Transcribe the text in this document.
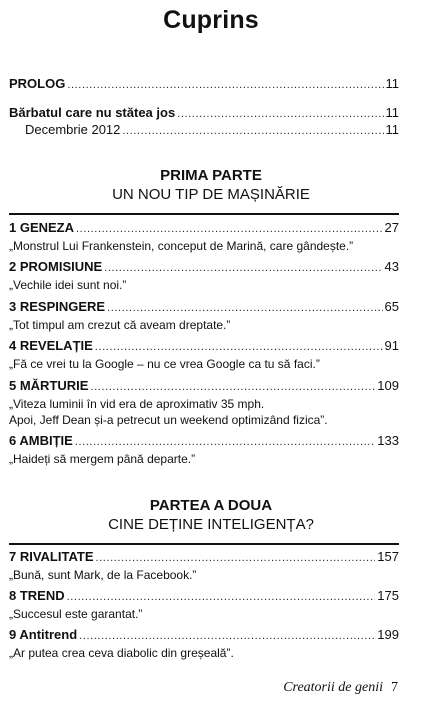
Cuprins
PROLOG .....	11
Bărbatul care nu stătea jos .....	11
Decembrie 2012 .....	11
PRIMA PARTE
UN NOU TIP DE MAȘINĂRIE
1 GENEZA .....	27
„Monstrul Lui Frankenstein, conceput de Marină, care gândește.”
2 PROMISIUNE .....	43
„Vechile idei sunt noi.”
3 RESPINGERE .....	65
„Tot timpul am crezut că aveam dreptate.”
4 REVELAȚIE .....	91
„Fă ce vrei tu la Google – nu ce vrea Google ca tu să faci.”
5 MĂRTURIE .....	109
„Viteza luminii în vid era de aproximativ 35 mph.
Apoi, Jeff Dean și-a petrecut un weekend optimizând fizica”.
6 AMBIȚIE .....	133
„Haideți să mergem până departe.”
PARTEA A DOUA
CINE DEȚINE INTELIGENȚA?
7 RIVALITATE .....	157
„Bună, sunt Mark, de la Facebook.”
8 TREND .....	175
„Succesul este garantat.”
9 Antitrend .....	199
„Ar putea crea ceva diabolic din greșeală”.
Creatorii de genii 7
